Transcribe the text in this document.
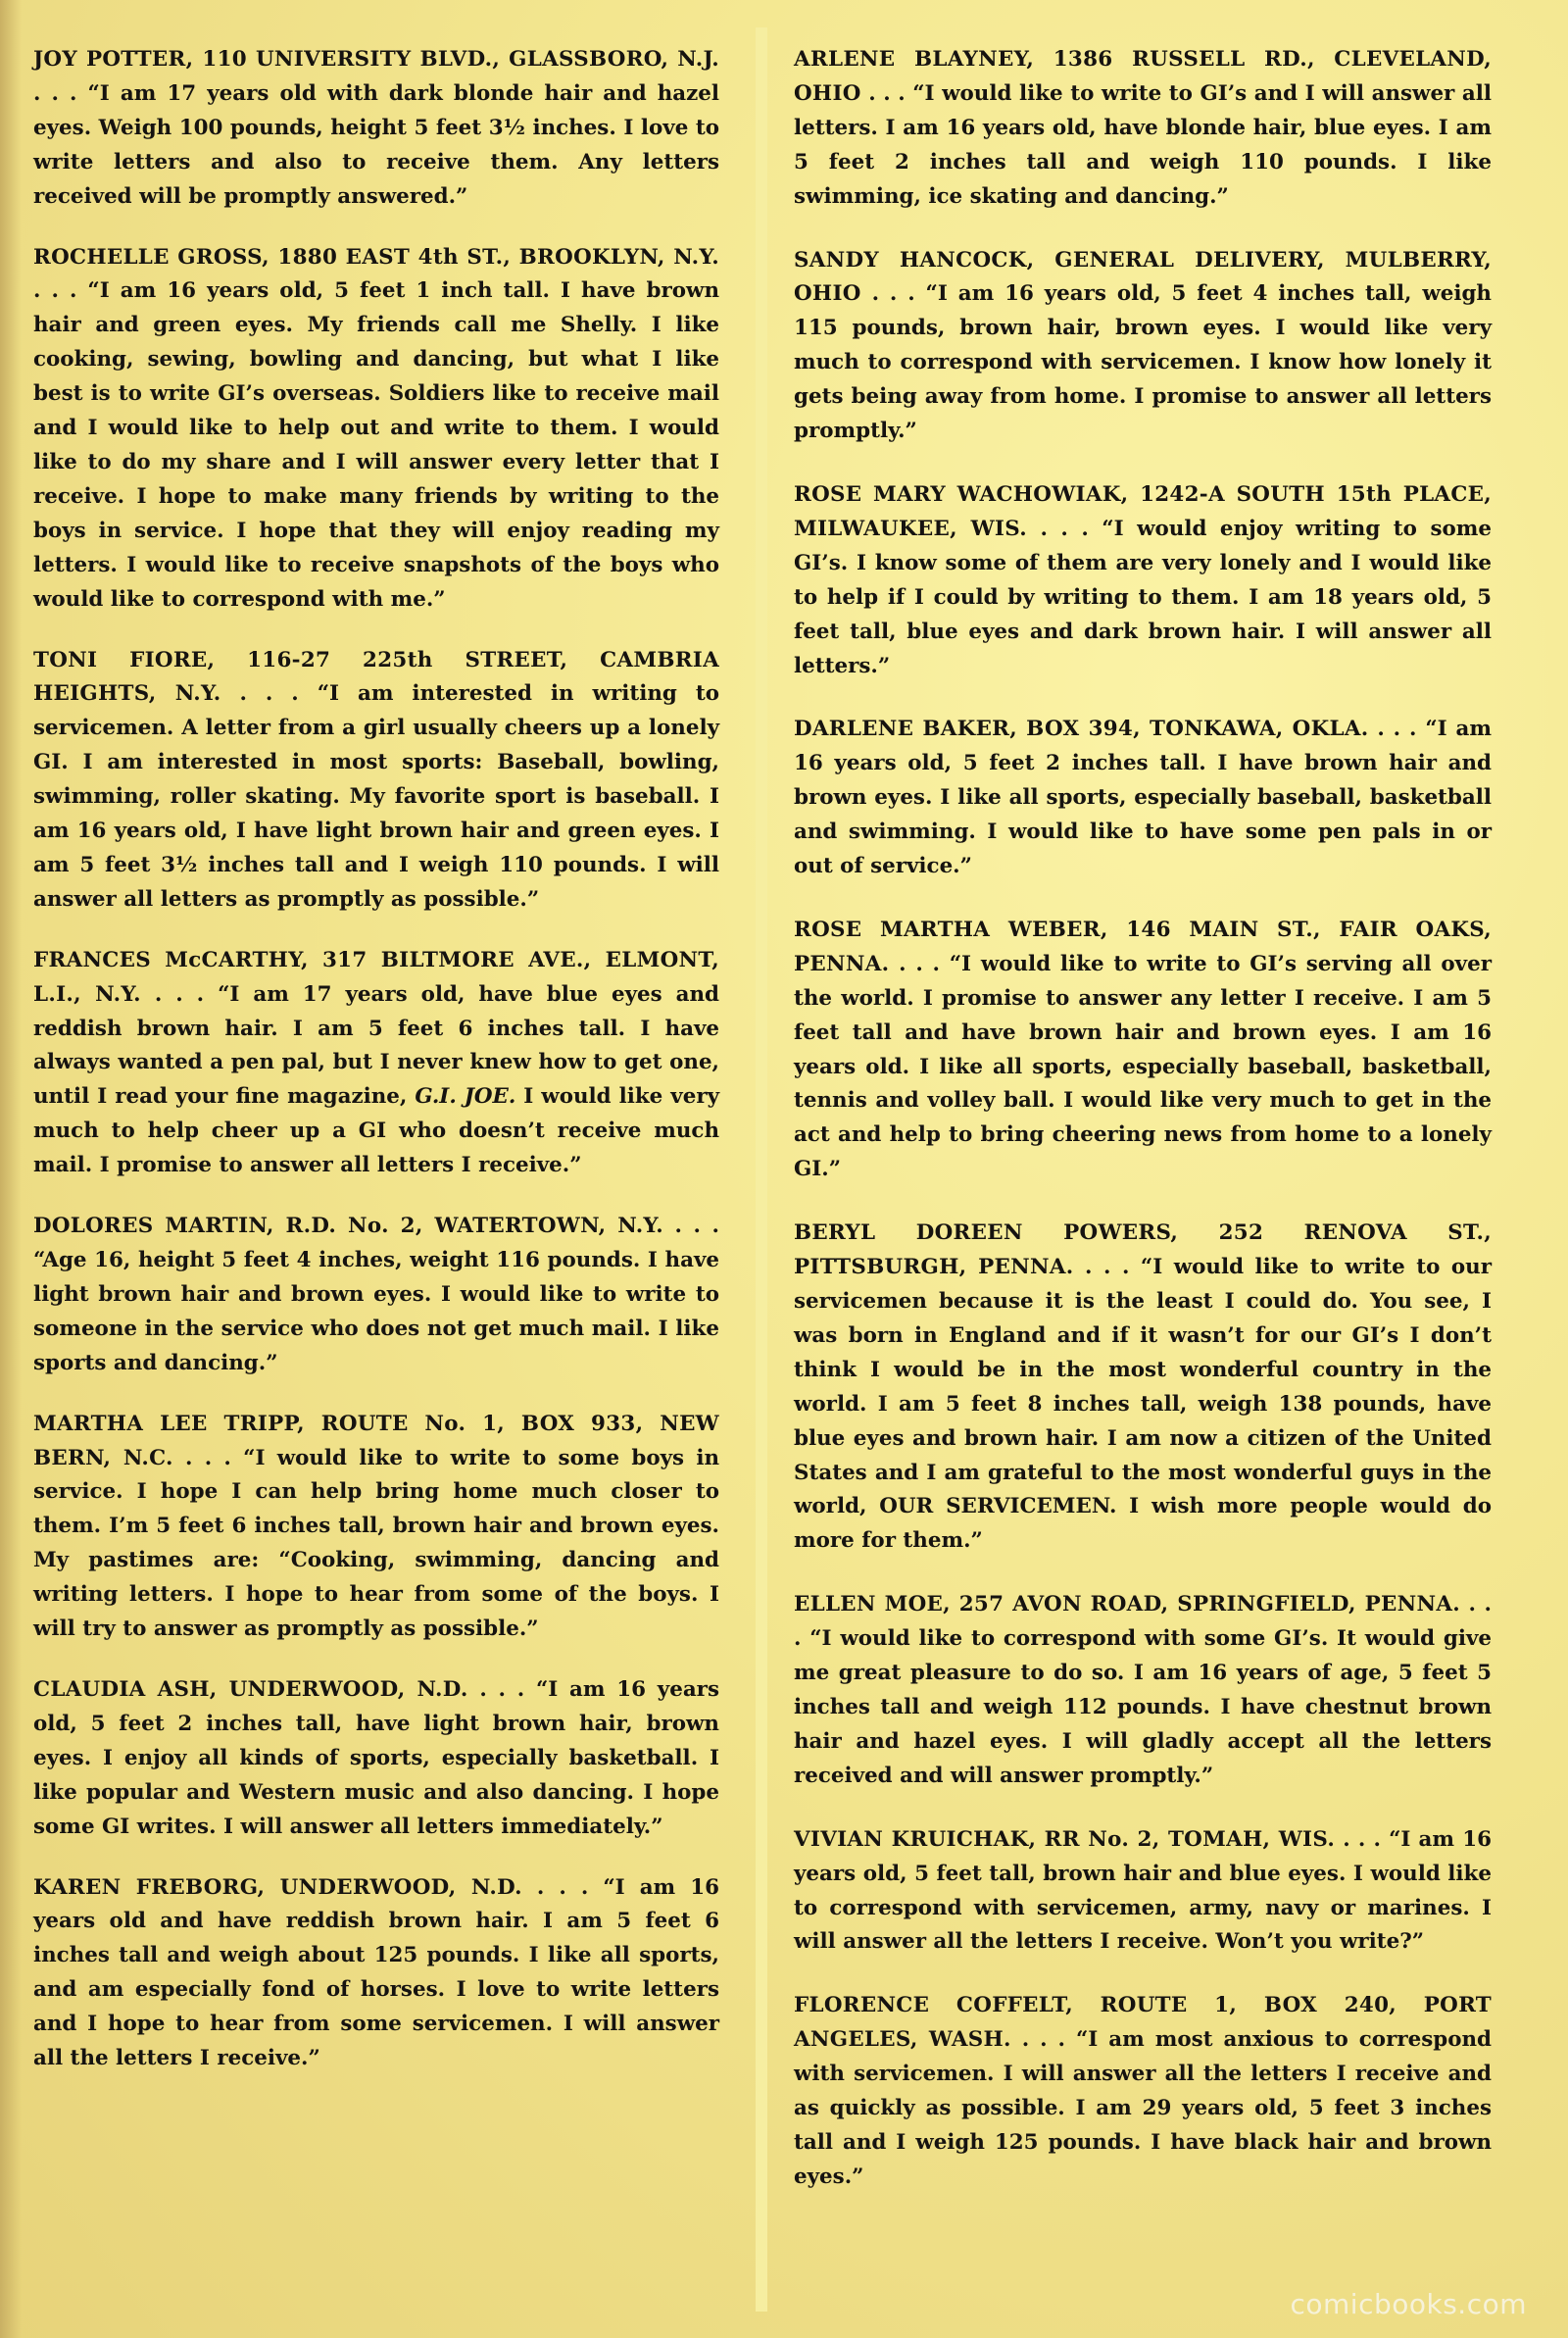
JOY POTTER, 110 UNIVERSITY BLVD., GLASSBORO, N.J. . . . “I am 17 years old with dark blonde hair and hazel eyes. Weigh 100 pounds, height 5 feet 3½ inches. I love to write letters and also to receive them. Any letters received will be promptly answered.”

ROCHELLE GROSS, 1880 EAST 4th ST., BROOKLYN, N.Y. . . . “I am 16 years old, 5 feet 1 inch tall. I have brown hair and green eyes. My friends call me Shelly. I like cooking, sewing, bowling and dancing, but what I like best is to write GI’s overseas. Soldiers like to receive mail and I would like to help out and write to them. I would like to do my share and I will answer every letter that I receive. I hope to make many friends by writing to the boys in service. I hope that they will enjoy reading my letters. I would like to receive snapshots of the boys who would like to correspond with me.”

TONI FIORE, 116-27 225th STREET, CAMBRIA HEIGHTS, N.Y. . . . “I am interested in writing to servicemen. A letter from a girl usually cheers up a lonely GI. I am interested in most sports: Baseball, bowling, swimming, roller skating. My favorite sport is baseball. I am 16 years old, I have light brown hair and green eyes. I am 5 feet 3½ inches tall and I weigh 110 pounds. I will answer all letters as promptly as possible.”

FRANCES McCARTHY, 317 BILTMORE AVE., ELMONT, L.I., N.Y. . . . “I am 17 years old, have blue eyes and reddish brown hair. I am 5 feet 6 inches tall. I have always wanted a pen pal, but I never knew how to get one, until I read your fine magazine, G.I. JOE. I would like very much to help cheer up a GI who doesn’t receive much mail. I promise to answer all letters I receive.”

DOLORES MARTIN, R.D. No. 2, WATERTOWN, N.Y. . . . “Age 16, height 5 feet 4 inches, weight 116 pounds. I have light brown hair and brown eyes. I would like to write to someone in the service who does not get much mail. I like sports and dancing.”

MARTHA LEE TRIPP, ROUTE No. 1, BOX 933, NEW BERN, N.C. . . . “I would like to write to some boys in service. I hope I can help bring home much closer to them. I’m 5 feet 6 inches tall, brown hair and brown eyes. My pastimes are: “Cooking, swimming, dancing and writing letters. I hope to hear from some of the boys. I will try to answer as promptly as possible.”

CLAUDIA ASH, UNDERWOOD, N.D. . . . “I am 16 years old, 5 feet 2 inches tall, have light brown hair, brown eyes. I enjoy all kinds of sports, especially basketball. I like popular and Western music and also dancing. I hope some GI writes. I will answer all letters immediately.”

KAREN FREBORG, UNDERWOOD, N.D. . . . “I am 16 years old and have reddish brown hair. I am 5 feet 6 inches tall and weigh about 125 pounds. I like all sports, and am especially fond of horses. I love to write letters and I hope to hear from some servicemen. I will answer all the letters I receive.”

ARLENE BLAYNEY, 1386 RUSSELL RD., CLEVELAND, OHIO . . . “I would like to write to GI’s and I will answer all letters. I am 16 years old, have blonde hair, blue eyes. I am 5 feet 2 inches tall and weigh 110 pounds. I like swimming, ice skating and dancing.”

SANDY HANCOCK, GENERAL DELIVERY, MULBERRY, OHIO . . . “I am 16 years old, 5 feet 4 inches tall, weigh 115 pounds, brown hair, brown eyes. I would like very much to correspond with servicemen. I know how lonely it gets being away from home. I promise to answer all letters promptly.”

ROSE MARY WACHOWIAK, 1242-A SOUTH 15th PLACE, MILWAUKEE, WIS. . . . “I would enjoy writing to some GI’s. I know some of them are very lonely and I would like to help if I could by writing to them. I am 18 years old, 5 feet tall, blue eyes and dark brown hair. I will answer all letters.”

DARLENE BAKER, BOX 394, TONKAWA, OKLA. . . . “I am 16 years old, 5 feet 2 inches tall. I have brown hair and brown eyes. I like all sports, especially baseball, basketball and swimming. I would like to have some pen pals in or out of service.”

ROSE MARTHA WEBER, 146 MAIN ST., FAIR OAKS, PENNA. . . . “I would like to write to GI’s serving all over the world. I promise to answer any letter I receive. I am 5 feet tall and have brown hair and brown eyes. I am 16 years old. I like all sports, especially baseball, basketball, tennis and volley ball. I would like very much to get in the act and help to bring cheering news from home to a lonely GI.”

BERYL DOREEN POWERS, 252 RENOVA ST., PITTSBURGH, PENNA. . . . “I would like to write to our servicemen because it is the least I could do. You see, I was born in England and if it wasn’t for our GI’s I don’t think I would be in the most wonderful country in the world. I am 5 feet 8 inches tall, weigh 138 pounds, have blue eyes and brown hair. I am now a citizen of the United States and I am grateful to the most wonderful guys in the world, OUR SERVICEMEN. I wish more people would do more for them.”

ELLEN MOE, 257 AVON ROAD, SPRINGFIELD, PENNA. . . . “I would like to correspond with some GI’s. It would give me great pleasure to do so. I am 16 years of age, 5 feet 5 inches tall and weigh 112 pounds. I have chestnut brown hair and hazel eyes. I will gladly accept all the letters received and will answer promptly.”

VIVIAN KRUICHAK, RR No. 2, TOMAH, WIS. . . . “I am 16 years old, 5 feet tall, brown hair and blue eyes. I would like to correspond with servicemen, army, navy or marines. I will answer all the letters I receive. Won’t you write?”

FLORENCE COFFELT, ROUTE 1, BOX 240, PORT ANGELES, WASH. . . . “I am most anxious to correspond with servicemen. I will answer all the letters I receive and as quickly as possible. I am 29 years old, 5 feet 3 inches tall and I weigh 125 pounds. I have black hair and brown eyes.”

comicbooks.com
